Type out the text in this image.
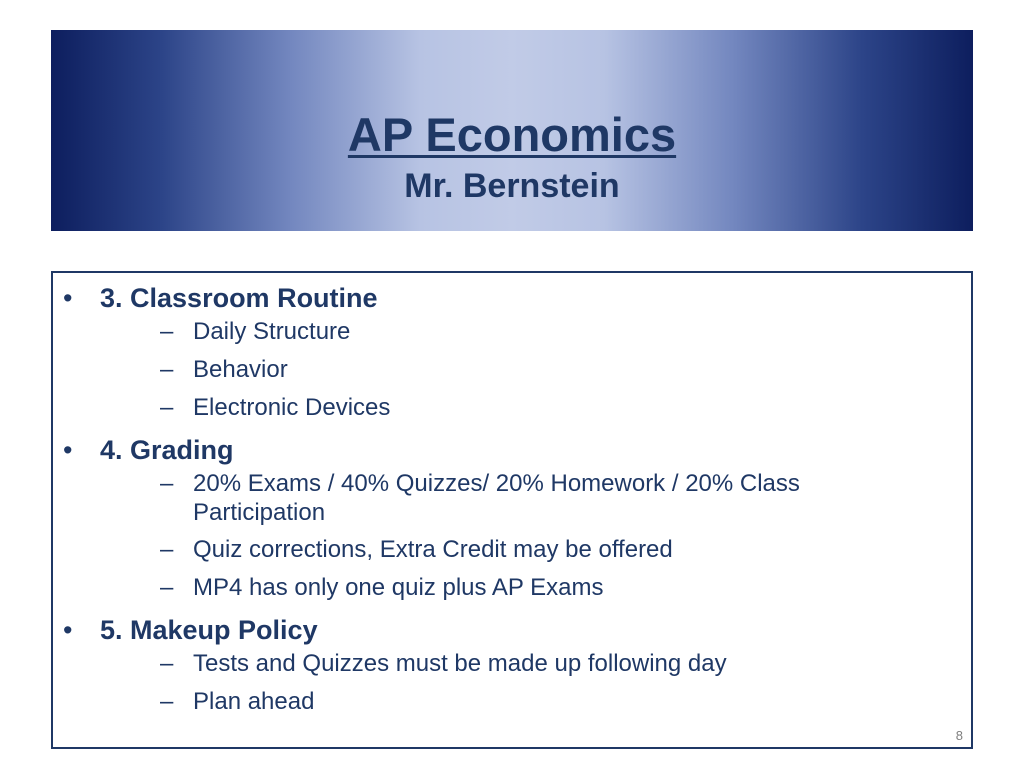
AP Economics
Mr. Bernstein
• 3. Classroom Routine
– Daily Structure
– Behavior
– Electronic Devices
• 4. Grading
– 20% Exams / 40% Quizzes/ 20% Homework / 20% Class Participation
– Quiz corrections, Extra Credit may be offered
– MP4 has only one quiz plus AP Exams
• 5. Makeup Policy
– Tests and Quizzes must be made up following day
– Plan ahead
8
